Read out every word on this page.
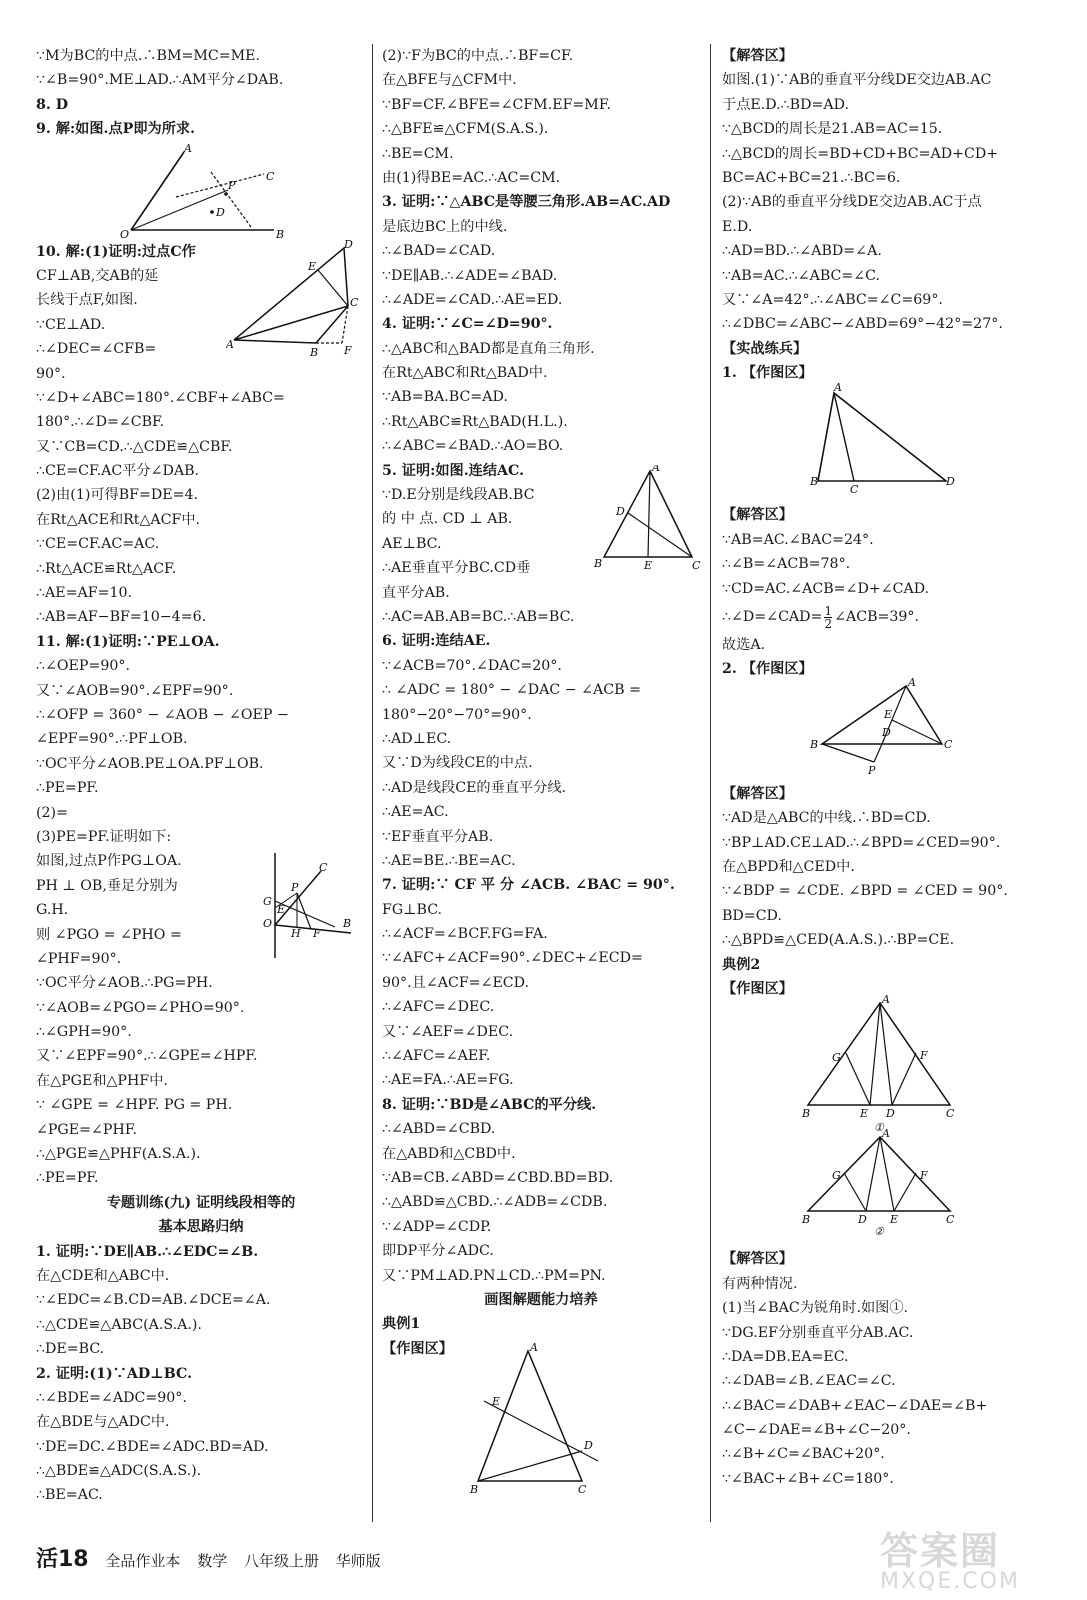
∵M为BC的中点.∴BM=MC=ME.
∵∠B=90°.ME⊥AD.∴AM平分∠DAB.
8. D
9. 解:如图.点P即为所求.
A
P
C
D
O	B
10. 解:(1)证明:过点C作
CF⊥AB,交AB的延
长线于点F,如图.
∵CE⊥AD.
∴∠DEC=∠CFB=
90°.
E
D
C
A
B F
∵∠D+∠ABC=180°.∠CBF+∠ABC=
180°.∴∠D=∠CBF.
又∵CB=CD.∴△CDE≌△CBF.
∴CE=CF.AC平分∠DAB.
(2)由(1)可得BF=DE=4.
在Rt△ACE和Rt△ACF中.
∵CE=CF.AC=AC.
∴Rt△ACE≌Rt△ACF.
∴AE=AF=10.
∴AB=AF−BF=10−4=6.
11. 解:(1)证明:∵PE⊥OA.
∴∠OEP=90°.
又∵∠AOB=90°.∠EPF=90°.
∴∠OFP = 360° − ∠AOB − ∠OEP −
∠EPF=90°.∴PF⊥OB.
∵OC平分∠AOB.PE⊥OA.PF⊥OB.
∴PE=PF.
(2)=
(3)PE=PF.证明如下:
如图,过点P作PG⊥OA.
PH ⊥ OB,垂足分别为
G.H.
则 ∠PGO = ∠PHO =
∠PHF=90°.
C
G
P
E
O
H F
B
∵OC平分∠AOB.∴PG=PH.
∵∠AOB=∠PGO=∠PHO=90°.
∴∠GPH=90°.
又∵∠EPF=90°.∴∠GPE=∠HPF.
在△PGE和△PHF中.
∵ ∠GPE = ∠HPF. PG = PH.
∠PGE=∠PHF.
∴△PGE≌△PHF(A.S.A.).
∴PE=PF.
专题训练(九) 证明线段相等的
基本思路归纳
1. 证明:∵DE∥AB.∴∠EDC=∠B.
在△CDE和△ABC中.
∵∠EDC=∠B.CD=AB.∠DCE=∠A.
∴△CDE≌△ABC(A.S.A.).
∴DE=BC.
2. 证明:(1)∵AD⊥BC.
∴∠BDE=∠ADC=90°.
在△BDE与△ADC中.
∵DE=DC.∠BDE=∠ADC.BD=AD.
∴△BDE≌△ADC(S.A.S.).
∴BE=AC.
(2)∵F为BC的中点.∴BF=CF.
在△BFE与△CFM中.
∵BF=CF.∠BFE=∠CFM.EF=MF.
∴△BFE≌△CFM(S.A.S.).
∴BE=CM.
由(1)得BE=AC.∴AC=CM.
3. 证明:∵△ABC是等腰三角形.AB=AC.AD
是底边BC上的中线.
∴∠BAD=∠CAD.
∵DE∥AB.∴∠ADE=∠BAD.
∴∠ADE=∠CAD.∴AE=ED.
4. 证明:∵∠C=∠D=90°.
∴△ABC和△BAD都是直角三角形.
在Rt△ABC和Rt△BAD中.
∵AB=BA.BC=AD.
∴Rt△ABC≌Rt△BAD(H.L.).
∴∠ABC=∠BAD.∴AO=BO.
5. 证明:如图.连结AC.
∵D.E分别是线段AB.BC
的 中 点. CD ⊥ AB.
AE⊥BC.
∴AE垂直平分BC.CD垂
直平分AB.
A
D
B	E	C
∴AC=AB.AB=BC.∴AB=BC.
6. 证明:连结AE.
∵∠ACB=70°.∠DAC=20°.
∴ ∠ADC = 180° − ∠DAC − ∠ACB =
180°−20°−70°=90°.
∴AD⊥EC.
又∵D为线段CE的中点.
∴AD是线段CE的垂直平分线.
∴AE=AC.
∵EF垂直平分AB.
∴AE=BE.∴BE=AC.
7. 证明:∵ CF 平 分 ∠ACB. ∠BAC = 90°.
FG⊥BC.
∴∠ACF=∠BCF.FG=FA.
∵∠AFC+∠ACF=90°.∠DEC+∠ECD=
90°.且∠ACF=∠ECD.
∴∠AFC=∠DEC.
又∵∠AEF=∠DEC.
∴∠AFC=∠AEF.
∴AE=FA.∴AE=FG.
8. 证明:∵BD是∠ABC的平分线.
∴∠ABD=∠CBD.
在△ABD和△CBD中.
∵AB=CB.∠ABD=∠CBD.BD=BD.
∴△ABD≌△CBD.∴∠ADB=∠CDB.
∵∠ADP=∠CDP.
即DP平分∠ADC.
又∵PM⊥AD.PN⊥CD.∴PM=PN.
画图解题能力培养
典例1
【作图区】	A
E
D
B	C
【解答区】
如图.(1)∵AB的垂直平分线DE交边AB.AC
于点E.D.∴BD=AD.
∵△BCD的周长是21.AB=AC=15.
∴△BCD的周长=BD+CD+BC=AD+CD+
BC=AC+BC=21.∴BC=6.
(2)∵AB的垂直平分线DE交边AB.AC于点
E.D.
∴AD=BD.∴∠ABD=∠A.
∵AB=AC.∴∠ABC=∠C.
又∵∠A=42°.∴∠ABC=∠C=69°.
∴∠DBC=∠ABC−∠ABD=69°−42°=27°.
【实战练兵】
1. 【作图区】
A
B
C
D
【解答区】
∵AB=AC.∠BAC=24°.
∴∠B=∠ACB=78°.
∵CD=AC.∠ACB=∠D+∠CAD.
∴∠D=∠CAD= $\frac{1}{2}$ ∠ACB=39°.
故选A.
2. 【作图区】
A
E
D
B	C
P
【解答区】
∵AD是△ABC的中线.∴BD=CD.
∵BP⊥AD.CE⊥AD.∴∠BPD=∠CED=90°.
在△BPD和△CED中.
∵∠BDP = ∠CDE. ∠BPD = ∠CED = 90°.
BD=CD.
∴△BPD≌△CED(A.A.S.).∴BP=CE.
典例2
【作图区】
A
G	F
B	E D	C
①
A
G	F
B	D E	C
②
【解答区】
有两种情况.
(1)当∠BAC为锐角时.如图①.
∵DG.EF分别垂直平分AB.AC.
∴DA=DB.EA=EC.
∴∠DAB=∠B.∠EAC=∠C.
∴∠BAC=∠DAB+∠EAC−∠DAE=∠B+
∠C−∠DAE=∠B+∠C−20°.
∴∠B+∠C=∠BAC+20°.
∵∠BAC+∠B+∠C=180°.
活18 全品作业本 数学 八年级上册 华师版	答案圈
MXQE.COM
